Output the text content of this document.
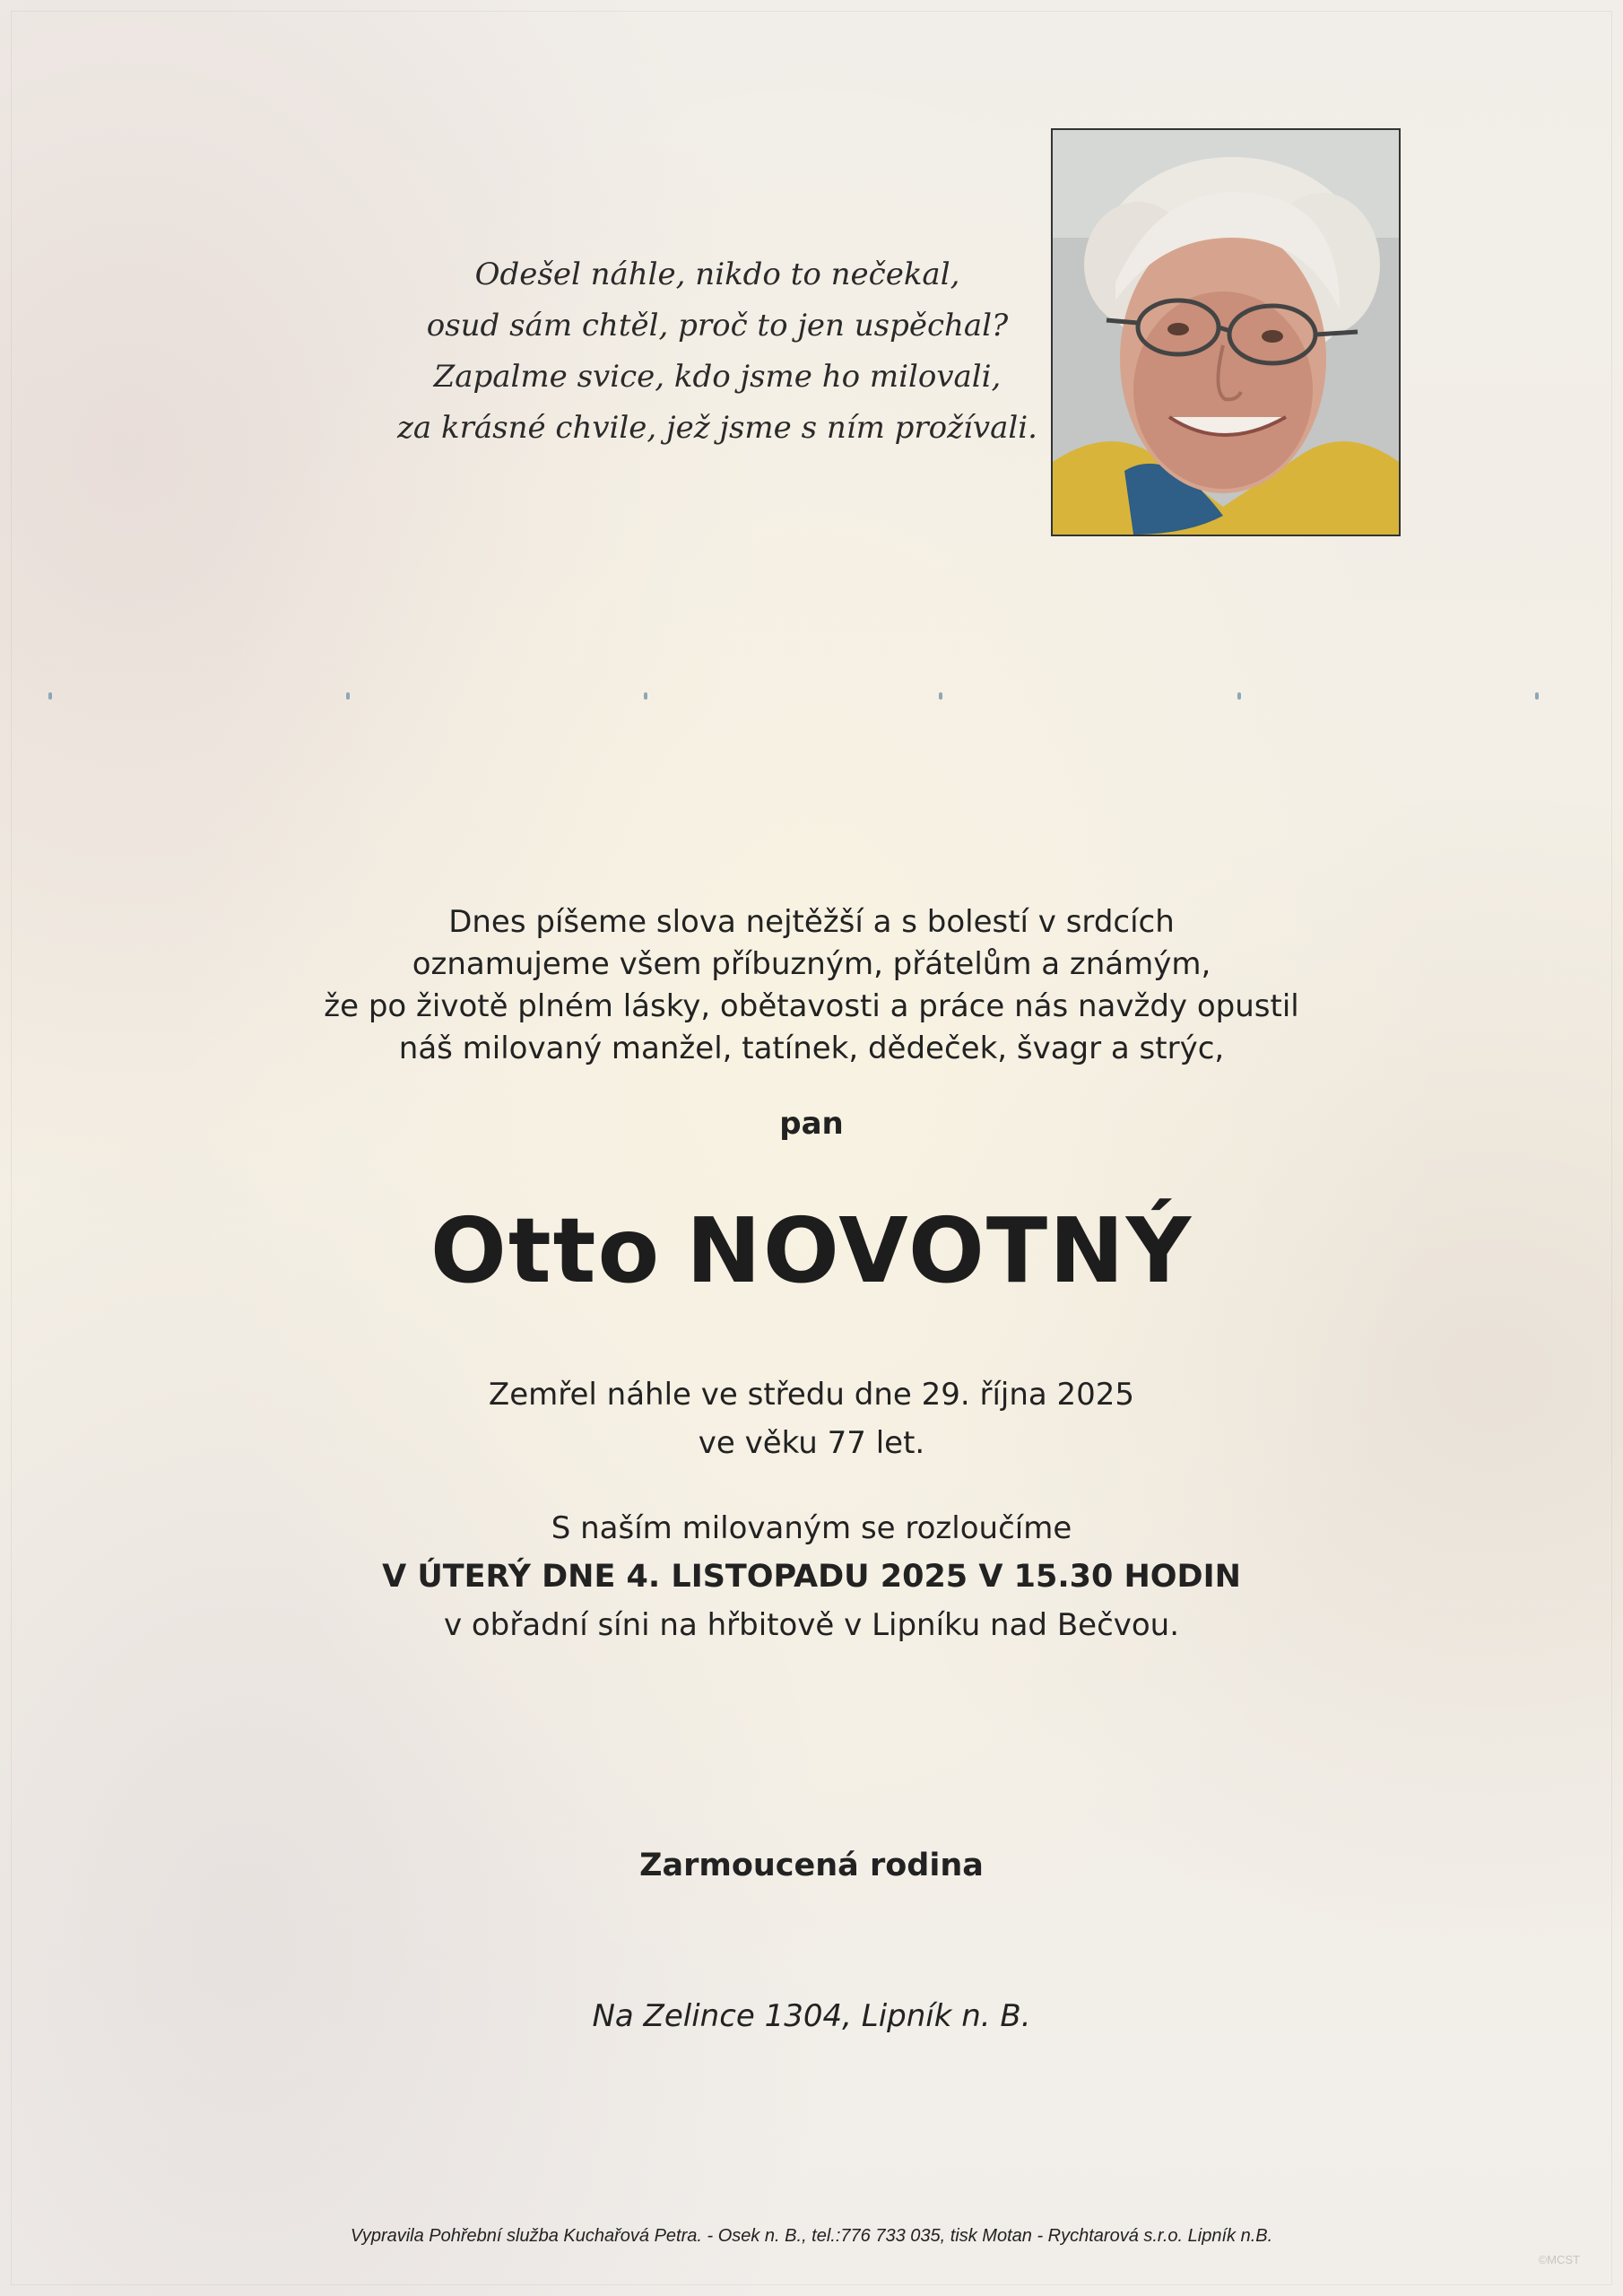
Odešel náhle, nikdo to nečekal,
osud sám chtěl, proč to jen uspěchal?
Zapalme svice, kdo jsme ho milovali,
za krásné chvile, jež jsme s ním prožívali.
Dnes píšeme slova nejtěžší a s bolestí v srdcích
oznamujeme všem příbuzným, přátelům a známým,
že po životě plném lásky, obětavosti a práce nás navždy opustil
náš milovaný manžel, tatínek, dědeček, švagr a strýc,
pan
Otto NOVOTNÝ
Zemřel náhle ve středu dne 29. října 2025
ve věku 77 let.
S naším milovaným se rozloučíme
V ÚTERÝ DNE 4. LISTOPADU 2025 V 15.30 HODIN
v obřadní síni na hřbitově v Lipníku nad Bečvou.
Zarmoucená rodina
Na Zelince 1304, Lipník n. B.
Vypravila Pohřební služba Kuchařová Petra. - Osek n. B., tel.:776 733 035, tisk Motan - Rychtarová s.r.o. Lipník n.B.
©MCST
